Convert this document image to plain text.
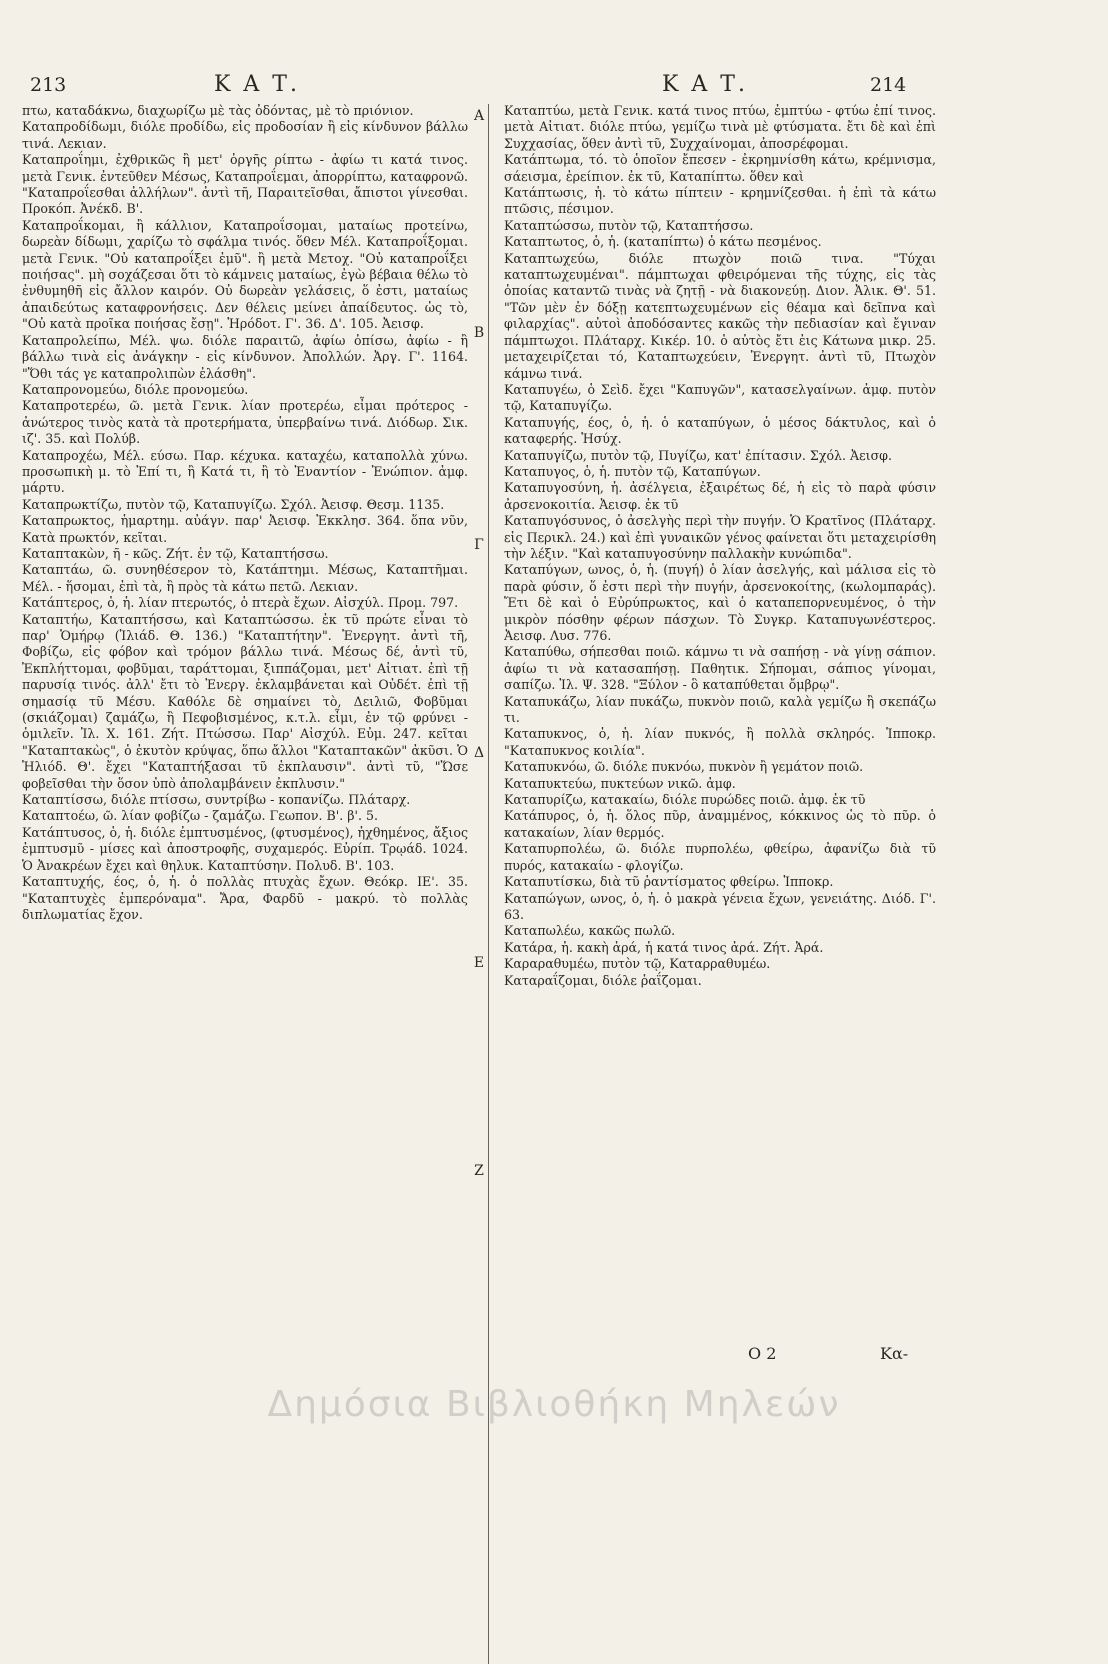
213	Κ Α Τ.	Κ Α Τ.	214

πτω, καταδάκνω, διαχωρίζω μὲ τὰς ὀδόντας, μὲ τὸ πριόνιον.

Καταπροδίδωμι, διόλε προδίδω, εἰς προδοσίαν ἢ εἰς κίνδυνον βάλλω τινά. Λεκιαν.

Καταπροΐημι, ἐχθρικῶς ἢ μετ' ὀργῆς ρίπτω - ἀφίω τι κατά τινος. μετὰ Γενικ. ἐντεῦθεν Μέσως, Καταπροΐεμαι, ἀπορρίπτω, καταφρονῶ. "Καταπροΐεσθαι ἀλλήλων". ἀντὶ τῆ, Παραιτεῖσθαι, ἄπιστοι γίνεσθαι. Προκόπ. Ἀνέκδ. Β'.

Καταπροΐκομαι, ἢ κάλλιον, Καταπροΐσομαι, ματαίως προτείνω, δωρεὰν δίδωμι, χαρίζω τὸ σφάλμα τινός. ὅθεν Μέλ. Καταπροΐξομαι. μετὰ Γενικ. "Οὐ καταπροΐξει ἐμῦ". ἢ μετὰ Μετοχ. "Οὐ καταπροΐξει ποιήσας". μὴ σοχάζεσαι ὅτι τὸ κάμνεις ματαίως, ἐγὼ βέβαια θέλω τὸ ἐνθυμηθῆ εἰς ἄλλον καιρόν. Οὐ δωρεὰν γελάσεις, ὅ ἐστι, ματαίως ἀπαιδεύτως καταφρονήσεις. Δεν θέλεις μείνει ἀπαίδευτος. ὡς τὸ, "Οὐ κατὰ προῖκα ποιήσας ἔσῃ". Ἡρόδοτ. Γ'. 36. Δ'. 105. Ἀεισφ.

Καταπρολείπω, Μέλ. ψω. διόλε παραιτῶ, ἀφίω ὀπίσω, ἀφίω - ἢ βάλλω τινὰ εἰς ἀνάγκην - εἰς κίνδυνον. Ἀπολλών. Ἀργ. Γ'. 1164. "Ὅθι τάς γε καταπρολιπὼν ἐλάσθη".

Καταπρονομεύω, διόλε προνομεύω.

Καταπροτερέω, ῶ. μετὰ Γενικ. λίαν προτερέω, εἶμαι πρότερος - ἀνώτερος τινὸς κατὰ τὰ προτερήματα, ὑπερβαίνω τινά. Διόδωρ. Σικ. ιζ'. 35. καὶ Πολύβ.

Καταπροχέω, Μέλ. εύσω. Παρ. κέχυκα. καταχέω, καταπολλὰ χύνω. προσωπικὴ μ. τὸ Ἐπί τι, ἢ Κατά τι, ἢ τὸ Ἐναντίον - Ἐνώπιον. ἀμφ. μάρτυ.

Καταπρωκτίζω, πυτὸν τῷ, Καταπυγίζω. Σχόλ. Ἀεισφ. Θεσμ. 1135.

Καταπρωκτος, ἡμαρτημ. αὐάγν. παρ' Ἀεισφ. Ἐκκλησ. 364. ὅπα νῦν, Κατὰ πρωκτόν, κεῖται.

Καταπτακὼν, ῆ - κῶς. Ζήτ. ἐν τῷ, Καταπτήσσω.

Καταπτάω, ῶ. συνηθέσερον τὸ, Κατάπτημι. Μέσως, Καταπτῆμαι. Μέλ. - ἥσομαι, ἐπὶ τὰ, ἢ πρὸς τὰ κάτω πετῶ. Λεκιαν.

Κατάπτερος, ὁ, ἡ. λίαν πτερωτός, ὁ πτερὰ ἔχων. Αἰσχύλ. Προμ. 797.

Καταπτήω, Καταπτήσσω, καὶ Καταπτώσσω. ἐκ τῦ πρώτε εἶναι τὸ παρ' Ὁμήρῳ (Ἰλιάδ. Θ. 136.) "Καταπτήτην". Ἐνεργητ. ἀντὶ τῆ, Φοβίζω, εἰς φόβον καὶ τρόμον βάλλω τινά. Μέσως δέ, ἀντὶ τῦ, Ἐκπλήττομαι, φοβῦμαι, ταράττομαι, ξιππάζομαι, μετ' Αἰτιατ. ἐπὶ τῇ παρυσίᾳ τινός. ἀλλ' ἔτι τὸ Ἐνεργ. ἐκλαμβάνεται καὶ Οὐδέτ. ἐπὶ τῇ σημασίᾳ τῦ Μέσυ. Καθόλε δὲ σημαίνει τὸ, Δειλιῶ, Φοβῦμαι (σκιάζομαι) ζαμάζω, ἢ Πεφοβισμένος, κ.τ.λ. εἶμι, ἐν τῷ φρύνει - ὁμιλεῖν. Ἰλ. Χ. 161. Ζήτ. Πτώσσω. Παρ' Αἰσχύλ. Εὐμ. 247. κεῖται "Καταπτακὼς", ὁ ἐκυτὸν κρύψας, ὅπω ἄλλοι "Καταπτακῶν" ἀκῦσι. Ὁ Ἠλιόδ. Θ'. ἔχει "Καταπτήξασαι τῦ ἐκπλαυσιν". ἀντὶ τῦ, "Ὥσε φοβεῖσθαι τὴν ὅσον ὑπὸ ἀπολαμβάνειν ἐκπλυσιν."

Καταπτίσσω, διόλε πτίσσω, συντρίβω - κοπανίζω. Πλάταρχ.

Καταπτοέω, ῶ. λίαν φοβίζω - ζαμάζω. Γεωπον. Β'. β'. 5.

Κατάπτυσος, ὁ, ἡ. διόλε ἐμπτυσμένος, (φτυσμένος), ἠχθημένος, ἄξιος ἐμπτυσμῦ - μίσες καὶ ἀποστροφῆς, συχαμερός. Εὐρίπ. Τρῳάδ. 1024. Ὁ Ἀνακρέων ἔχει καὶ θηλυκ. Καταπτύσην. Πολυδ. Β'. 103.

Καταπτυχής, έος, ὁ, ἡ. ὁ πολλὰς πτυχὰς ἔχων. Θεόκρ. ΙΕ'. 35. "Καταπτυχὲς ἐμπερόναμα". Ἄρα, Φαρδῦ - μακρύ. τὸ πολλὰς διπλωματίας ἔχον.

Α
Β
Γ
Δ
Ε
Ζ

Καταπτύω, μετὰ Γενικ. κατά τινος πτύω, ἐμπτύω - φτύω ἐπί τινος. μετὰ Αἰτιατ. διόλε πτύω, γεμίζω τινὰ μὲ φτύσματα. ἔτι δὲ καὶ ἐπὶ Συχχασίας, ὅθεν ἀντὶ τῦ, Συχχαίνομαι, ἀποσρέφομαι.

Κατάπτωμα, τό. τὸ ὁποῖον ἔπεσεν - ἐκρημνίσθη κάτω, κρέμνισμα, σάεισμα, ἐρείπιον. ἐκ τῦ, Καταπίπτω. ὅθεν καὶ

Κατάπτωσις, ἡ. τὸ κάτω πίπτειν - κρημνίζεσθαι. ἡ ἐπὶ τὰ κάτω πτῶσις, πέσιμον.

Καταπτώσσω, πυτὸν τῷ, Καταπτήσσω.

Καταπτωτος, ὁ, ἡ. (καταπίπτω) ὁ κάτω πεσμένος.

Καταπτωχεύω, διόλε πτωχὸν ποιῶ τινα. "Τύχαι καταπτωχευμέναι". πάμπτωχαι φθειρόμεναι τῆς τύχης, εἰς τὰς ὁποίας καταντῶ τινὰς νὰ ζητῇ - νὰ διακονεύῃ. Διον. Ἀλικ. Θ'. 51. "Τῶν μὲν ἐν δόξῃ κατεπτωχευμένων εἰς θέαμα καὶ δεῖπνα καὶ φιλαρχίας". αὐτοὶ ἀποδόσαντες κακῶς τὴν πεδιασίαν καὶ ἔγιναν πάμπτωχοι. Πλάταρχ. Κικέρ. 10. ὁ αὐτὸς ἔτι ἐις Κάτωνα μικρ. 25. μεταχειρίζεται τό, Καταπτωχεύειν, Ἐνεργητ. ἀντὶ τῦ, Πτωχὸν κάμνω τινά.

Καταπυγέω, ὁ Σεὶδ. ἔχει "Καπυγῶν", κατασελγαίνων. ἀμφ. πυτὸν τῷ, Καταπυγίζω.

Καταπυγής, έος, ὁ, ἡ. ὁ καταπύγων, ὁ μέσος δάκτυλος, καὶ ὁ καταφερής. Ἡσύχ.

Καταπυγίζω, πυτὸν τῷ, Πυγίζω, κατ' ἐπίτασιν. Σχόλ. Ἀεισφ.

Καταπυγος, ὁ, ἡ. πυτὸν τῷ, Καταπύγων.

Καταπυγοσύνη, ἡ. ἀσέλγεια, ἐξαιρέτως δέ, ἡ εἰς τὸ παρὰ φύσιν ἀρσενοκοιτία. Ἀεισφ. ἐκ τῦ

Καταπυγόσυνος, ὁ ἀσελγὴς περὶ τὴν πυγήν. Ὁ Κρατῖνος (Πλάταρχ. εἰς Περικλ. 24.) καὶ ἐπὶ γυναικῶν γένος φαίνεται ὅτι μεταχειρίσθη τὴν λέξιν. "Καὶ καταπυγοσύνην παλλακὴν κυνώπιδα".

Καταπύγων, ωνος, ὁ, ἡ. (πυγή) ὁ λίαν ἀσελγής, καὶ μάλισα εἰς τὸ παρὰ φύσιν, ὅ ἐστι περὶ τὴν πυγήν, ἀρσενοκοίτης, (κωλομπαράς). Ἔτι δὲ καὶ ὁ Εὐρύπρωκτος, καὶ ὁ καταπεπορνευμένος, ὁ τὴν μικρὸν πόσθην φέρων πάσχων. Τὸ Συγκρ. Καταπυγωνέστερος. Ἀεισφ. Λυσ. 776.

Καταπύθω, σήπεσθαι ποιῶ. κάμνω τι νὰ σαπήσῃ - νὰ γίνῃ σάπιον. ἀφίω τι νὰ κατασαπήσῃ. Παθητικ. Σήπομαι, σάπιος γίνομαι, σαπίζω. Ἰλ. Ψ. 328. "Ξύλον - ὃ καταπύθεται ὄμβρῳ".

Καταπυκάζω, λίαν πυκάζω, πυκνὸν ποιῶ, καλὰ γεμίζω ἢ σκεπάζω τι.

Καταπυκνος, ὁ, ἡ. λίαν πυκνός, ἢ πολλὰ σκληρός. Ἱπποκρ. "Καταπυκνος κοιλία".

Καταπυκνόω, ῶ. διόλε πυκνόω, πυκνὸν ἢ γεμάτον ποιῶ.

Καταπυκτεύω, πυκτεύων νικῶ. ἀμφ.

Καταπυρίζω, κατακαίω, διόλε πυρώδες ποιῶ. ἀμφ. ἐκ τῦ

Κατάπυρος, ὁ, ἡ. ὅλος πῦρ, ἀναμμένος, κόκκινος ὡς τὸ πῦρ. ὁ κατακαίων, λίαν θερμός.

Καταπυρπολέω, ῶ. διόλε πυρπολέω, φθείρω, ἀφανίζω διὰ τῦ πυρός, κατακαίω - φλογίζω.

Καταπυτίσκω, διὰ τῦ ῥαντίσματος φθείρω. Ἱπποκρ.

Καταπώγων, ωνος, ὁ, ἡ. ὁ μακρὰ γένεια ἔχων, γενειάτης. Διόδ. Γ'. 63.

Καταπωλέω, κακῶς πωλῶ.

Κατάρα, ἡ. κακὴ ἀρά, ἡ κατά τινος ἀρά. Ζήτ. Ἀρά.

Καραραθυμέω, πυτὸν τῷ, Καταρραθυμέω.

Καταραΐζομαι, διόλε ῥαΐζομαι.

Ο 2	Κα-
Δημόσια Βιβλιοθήκη Μηλεών
